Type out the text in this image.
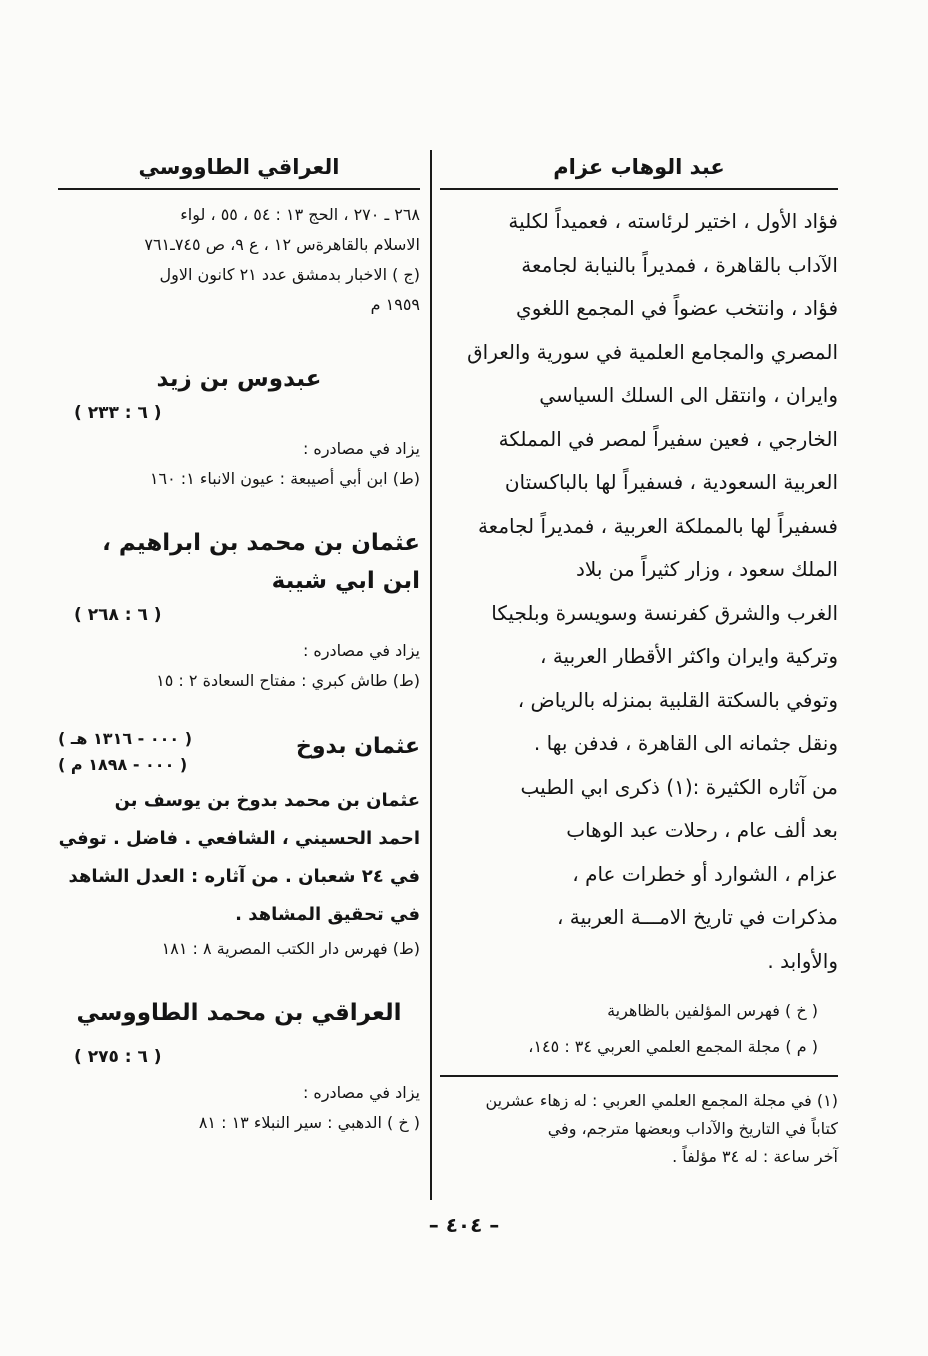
عبد الوهاب عزام

فؤاد الأول ، اختير لرئاسته ، فعميداً لكلية

الآداب بالقاهرة ، فمديراً بالنيابة لجامعة

فؤاد ، وانتخب عضواً في المجمع اللغوي

المصري والمجامع العلمية في سورية والعراق

وايران ، وانتقل الى السلك السياسي

الخارجي ، فعين سفيراً لمصر في المملكة

العربية السعودية ، فسفيراً لها بالباكستان

فسفيراً لها بالمملكة العربية ، فمديراً لجامعة

الملك سعود ، وزار كثيراً من بلاد

الغرب والشرق كفرنسة وسويسرة وبلجيكا

وتركية وايران واكثر الأقطار العربية ،

وتوفي بالسكتة القلبية بمنزله بالرياض ،

ونقل جثمانه الى القاهرة ، فدفن بها .

من آثاره الكثيرة :(١) ذكرى ابي الطيب

بعد ألف عام ، رحلات عبد الوهاب

عزام ، الشوارد أو خطرات عام ،

مذكرات في تاريخ الامـــة العربية ،

والأوابد .

( خ ) فهرس المؤلفين بالظاهرية

( م ) مجلة المجمع العلمي العربي ٣٤ : ١٤٥،

(١) في مجلة المجمع العلمي العربي : له زهاء عشرين

كتاباً في التاريخ والآداب وبعضها مترجم، وفي

آخر ساعة : له ٣٤ مؤلفاً .

العراقي الطاووسي

٢٦٨ ـ ٢٧٠ ، الحج ١٣ : ٥٤ ، ٥٥ ، لواء

الاسلام بالقاهرةس ١٢ ، ع ٩، ص ٧٤٥ـ٧٦١

(ج ) الاخبار بدمشق عدد ٢١ كانون الاول

١٩٥٩ م

عبدوس بن زيد

( ٦ : ٢٣٣ )

يزاد في مصادره :

(ط) ابن أبي أصيبعة : عيون الانباء ١: ١٦٠

عثمان بن محمد بن ابراهيم ، ابن ابي شيبة

( ٦ : ٢٦٨ )

يزاد في مصادره :

(ط) طاش كبري : مفتاح السعادة ٢ : ١٥

عثمان بدوخ
( ٠٠٠ - ١٣١٦ هـ )
( ٠٠٠ - ١٨٩٨ م )

عثمان بن محمد بدوخ بن يوسف بن

احمد الحسيني ، الشافعي . فاضل . توفي

في ٢٤ شعبان . من آثاره : العدل الشاهد

في تحقيق المشاهد .

(ط) فهرس دار الكتب المصرية ٨ : ١٨١

العراقي بن محمد الطاووسي

( ٦ : ٢٧٥ )

يزاد في مصادره :

( خ ) الدهبي : سير النبلاء ١٣ : ٨١

– ٤٠٤ –
